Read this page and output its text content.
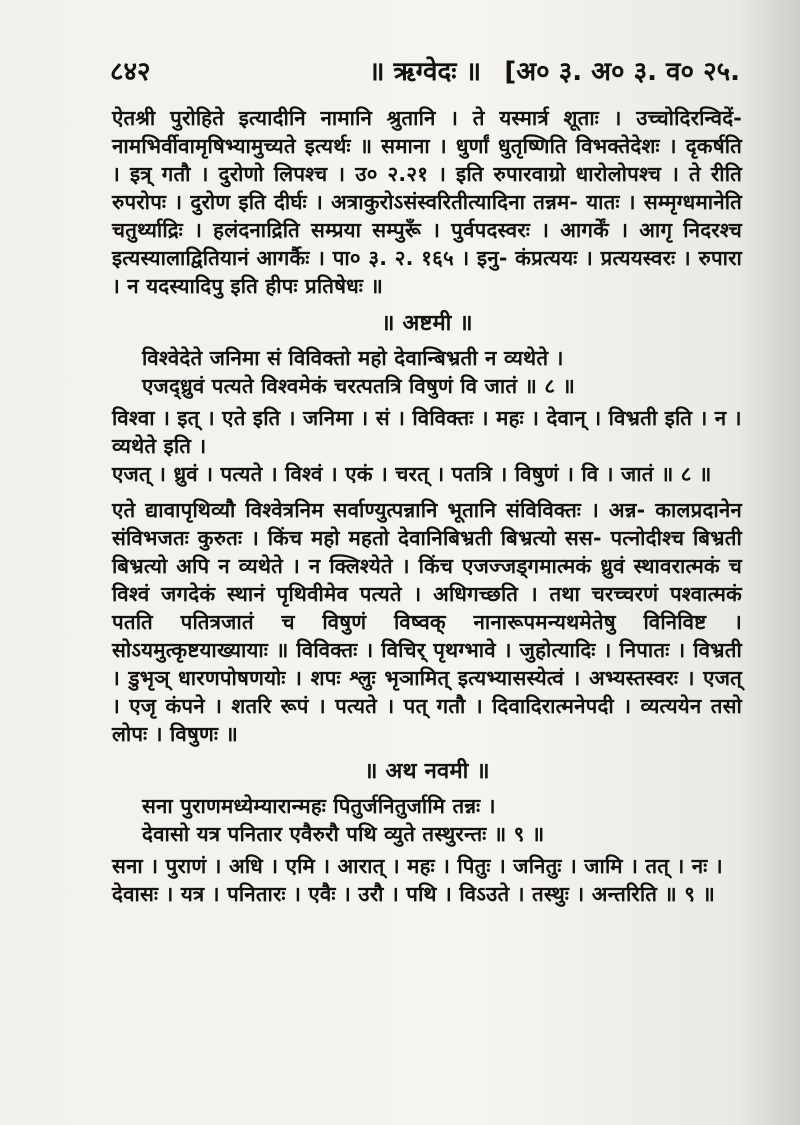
८४२	॥ ऋग्वेदः ॥ [अ० ३. अ० ३. व० २५.

ऐतश्री पुरोहिते इत्यादीनि नामानि श्रुतानि । ते यस्मार्त्र शूताः । उच्चोदिरन्विदें- नामभिर्वीवामृषिभ्यामुच्यते इत्यर्थः ॥ समाना । धुर्णां धुतृष्णिति विभक्तेदेशः । दृकर्षति । इत्र् गतौ । दुरोणो लिपश्च । उ० २.२१ । इति रुपारवाग्रो धारोलोपश्च । ते रीति रुपरोपः । दुरोण इति दीर्घः । अत्राकुरोऽसंस्वरितीत्यादिना तन्नम- यातः । सम्मृग्धमानेति चतुर्थ्याद्रिः । हलंदनाद्रिति सम्प्रया सम्पुरूँ । पुर्वपदस्वरः । आगर्कें । आगृ निदरश्च इत्यस्यालाद्वितियानं आगर्कैः । पा० ३. २. १६५ । इनु- कंप्रत्ययः । प्रत्ययस्वरः । रुपारा । न यदस्यादिपु इति हीपः प्रतिषेधः ॥

॥ अष्टमी ॥
विश्वेदेते जनिमा सं विविक्तो महो देवान्बिभ्रती न व्यथेते ।
एजद्ध्रुवं पत्यते विश्वमेकं चरत्पतत्रि विषुणं वि जातं ॥ ८ ॥
विश्वा । इत् । एते इति । जनिमा । सं । विविक्तः । महः । देवान् । विभ्रती इति । न । व्यथेते इति ।
एजत् । ध्रुवं । पत्यते । विश्वं । एकं । चरत् । पतत्रि । विषुणं । वि । जातं ॥ ८ ॥

एते द्यावापृथिव्यौ विश्वेत्रनिम सर्वाण्युत्पन्नानि भूतानि संविविक्तः । अन्न- कालप्रदानेन संविभजतः कुरुतः । किंच महो महतो देवानिबिभ्रती बिभ्रत्यो सस- पत्नोदीश्च बिभ्रती बिभ्रत्यो अपि न व्यथेते । न क्लिश्येते । किंच एजज्जड्गमात्मकं ध्रुवं स्थावरात्मकं च विश्वं जगदेकं स्थानं पृथिवीमेव पत्यते । अधिगच्छति । तथा चरच्चरणं पश्वात्मकं पतति पतित्रजातं च विषुणं विष्वक् नानारूपमन्यथमेतेषु विनिविष्ट । सोऽयमुत्कृष्टयाख्यायाः ॥ विविक्तः । विचिर् पृथग्भावे । जुहोत्यादिः । निपातः । विभ्रती । डुभृञ् धारणपोषणयोः । शपः श्लुः भृञामित् इत्यभ्यासस्येत्वं । अभ्यस्तस्वरः । एजत् । एजृ कंपने । शतरि रूपं । पत्यते । पत् गतौ । दिवादिरात्मनेपदी । व्यत्ययेन तसो लोपः । विषुणः ॥

॥ अथ नवमी ॥
सना पुराणमध्येम्यारान्महः पितुर्जनितुर्जामि तन्नः ।
देवासो यत्र पनितार एवैरुरौ पथि व्युते तस्थुरन्तः ॥ ९ ॥
सना । पुराणं । अधि । एमि । आरात् । महः । पितुः । जनितुः । जामि । तत् । नः ।
देवासः । यत्र । पनितारः । एवैः । उरौ । पथि । विऽउते । तस्थुः । अन्तरिति ॥ ९ ॥
